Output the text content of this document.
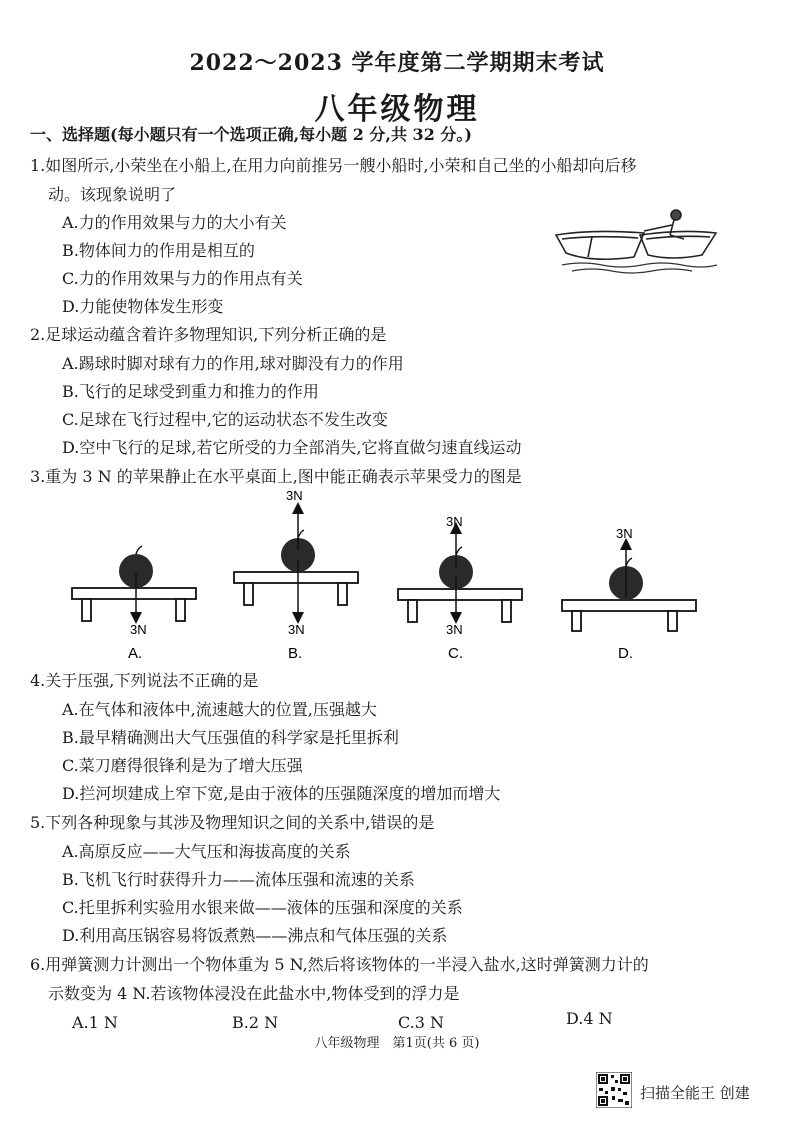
2022～2023 学年度第二学期期末考试
八年级物理
一、选择题(每小题只有一个选项正确,每小题 2 分,共 32 分。)
1.如图所示,小荣坐在小船上,在用力向前推另一艘小船时,小荣和自己坐的小船却向后移
动。该现象说明了
A.力的作用效果与力的大小有关
B.物体间力的作用是相互的
C.力的作用效果与力的作用点有关
D.力能使物体发生形变
2.足球运动蕴含着许多物理知识,下列分析正确的是
A.踢球时脚对球有力的作用,球对脚没有力的作用
B.飞行的足球受到重力和推力的作用
C.足球在飞行过程中,它的运动状态不发生改变
D.空中飞行的足球,若它所受的力全部消失,它将直做匀速直线运动
3.重为 3 N 的苹果静止在水平桌面上,图中能正确表示苹果受力的图是
3N
A.
3N
3N
B.
3N
3N
C.
3N
D.
4.关于压强,下列说法不正确的是
A.在气体和液体中,流速越大的位置,压强越大
B.最早精确测出大气压强值的科学家是托里拆利
C.菜刀磨得很锋利是为了增大压强
D.拦河坝建成上窄下宽,是由于液体的压强随深度的增加而增大
5.下列各种现象与其涉及物理知识之间的关系中,错误的是
A.高原反应——大气压和海拔高度的关系
B.飞机飞行时获得升力——流体压强和流速的关系
C.托里拆利实验用水银来做——液体的压强和深度的关系
D.利用高压锅容易将饭煮熟——沸点和气体压强的关系
6.用弹簧测力计测出一个物体重为 5 N,然后将该物体的一半浸入盐水,这时弹簧测力计的
示数变为 4 N.若该物体浸没在此盐水中,物体受到的浮力是
A.1 N	B.2 N	C.3 N	D.4 N
八年级物理　第1页(共 6 页)
扫描全能王 创建
